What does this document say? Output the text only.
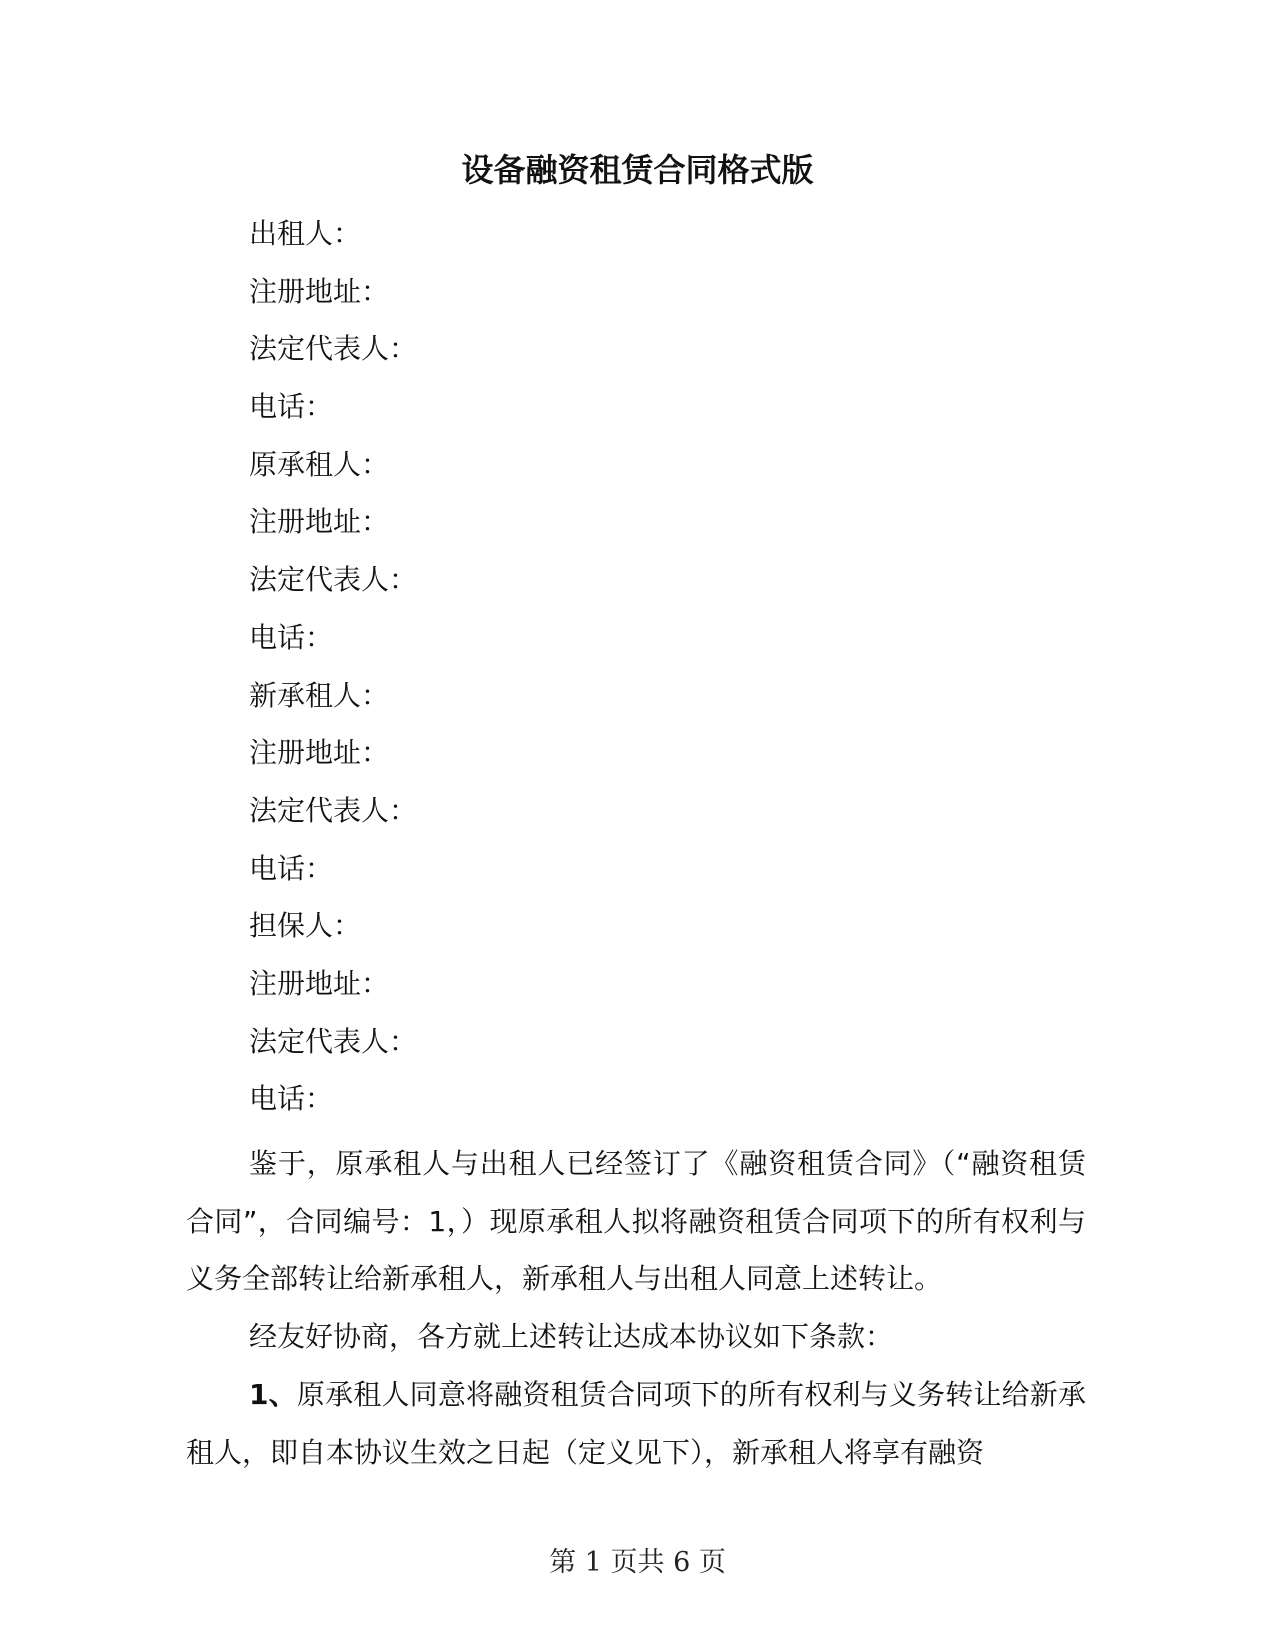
设备融资租赁合同格式版
出租人：
注册地址：
法定代表人：
电话：
原承租人：
注册地址：
法定代表人：
电话：
新承租人：
注册地址：
法定代表人：
电话：
担保人：
注册地址：
法定代表人：
电话：

鉴于，原承租人与出租人已经签订了《融资租赁合同》（“融资租赁合同”，合同编号：1，）现原承租人拟将融资租赁合同项下的所有权利与义务全部转让给新承租人，新承租人与出租人同意上述转让。

经友好协商，各方就上述转让达成本协议如下条款：

1、原承租人同意将融资租赁合同项下的所有权利与义务转让给新承租人，即自本协议生效之日起（定义见下），新承租人将享有融资

第 1 页共 6 页
